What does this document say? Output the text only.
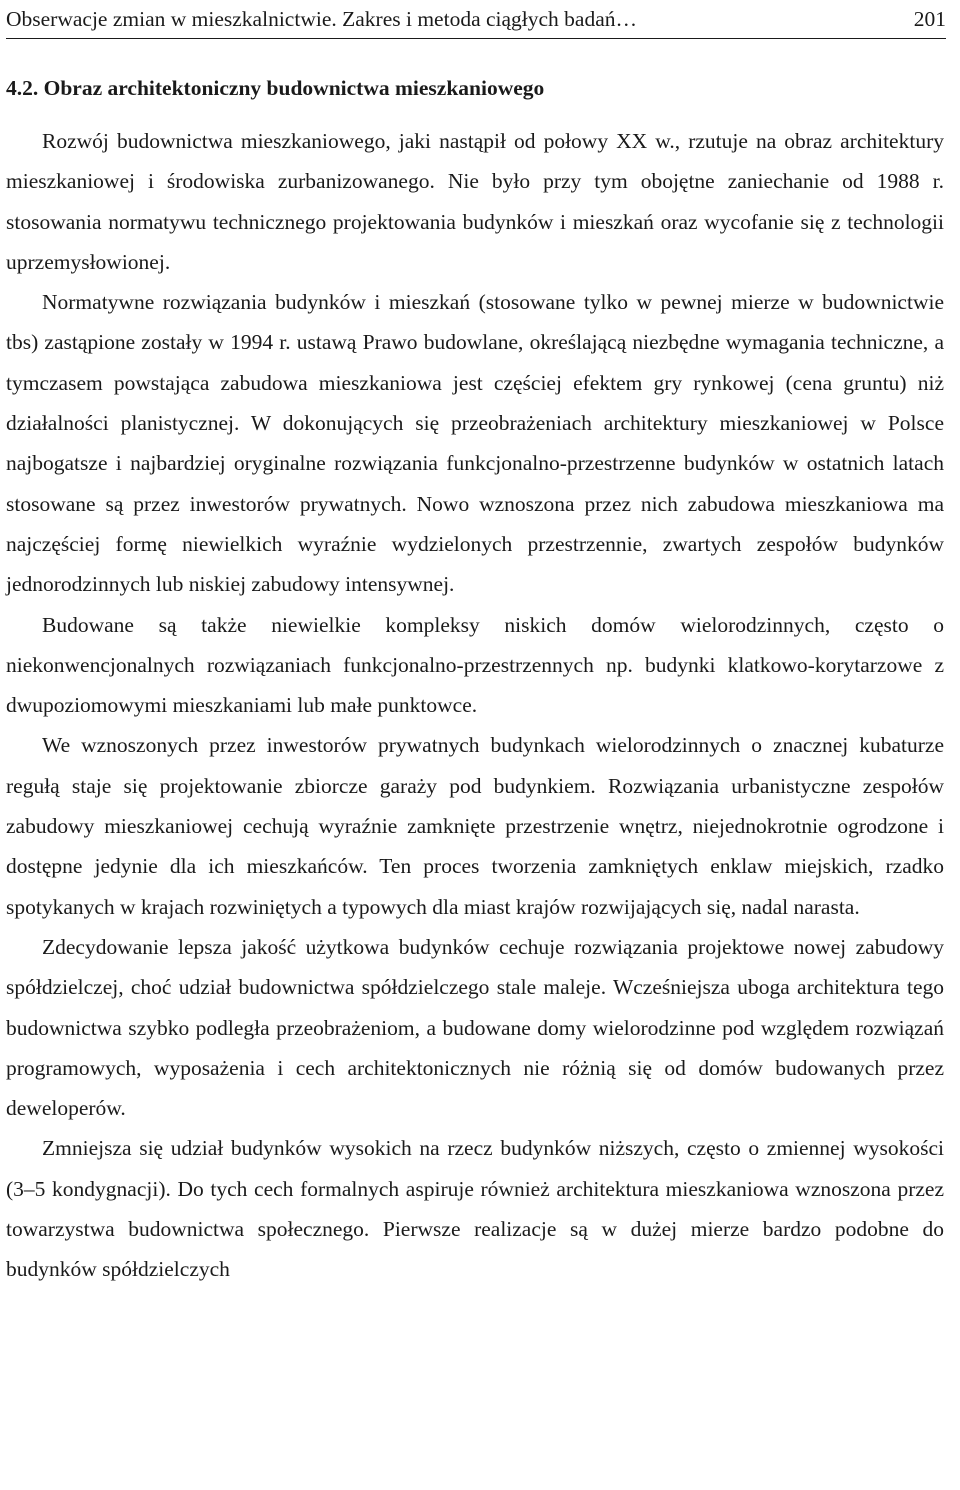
Obserwacje zmian w mieszkalnictwie. Zakres i metoda ciągłych badań…	201
4.2. Obraz architektoniczny budownictwa mieszkaniowego

Rozwój budownictwa mieszkaniowego, jaki nastąpił od połowy XX w., rzutuje na obraz architektury mieszkaniowej i środowiska zurbanizowanego. Nie było przy tym obojętne zaniechanie od 1988 r. stosowania normatywu technicznego projektowania budynków i mieszkań oraz wycofanie się z technologii uprzemysłowionej.

Normatywne rozwiązania budynków i mieszkań (stosowane tylko w pewnej mierze w budownictwie tbs) zastąpione zostały w 1994 r. ustawą Prawo budowlane, określającą niezbędne wymagania techniczne, a tymczasem powstająca zabudowa mieszkaniowa jest częściej efektem gry rynkowej (cena gruntu) niż działalności planistycznej. W dokonujących się przeobrażeniach architektury mieszkaniowej w Polsce najbogatsze i najbardziej oryginalne rozwiązania funkcjonalno-przestrzenne budynków w ostatnich latach stosowane są przez inwestorów prywatnych. Nowo wznoszona przez nich zabudowa mieszkaniowa ma najczęściej formę niewielkich wyraźnie wydzielonych przestrzennie, zwartych zespołów budynków jednorodzinnych lub niskiej zabudowy intensywnej.

Budowane są także niewielkie kompleksy niskich domów wielorodzinnych, często o niekonwencjonalnych rozwiązaniach funkcjonalno-przestrzennych np. budynki klatkowo-korytarzowe z dwupoziomowymi mieszkaniami lub małe punktowce.

We wznoszonych przez inwestorów prywatnych budynkach wielorodzinnych o znacznej kubaturze regułą staje się projektowanie zbiorcze garaży pod budynkiem. Rozwiązania urbanistyczne zespołów zabudowy mieszkaniowej cechują wyraźnie zamknięte przestrzenie wnętrz, niejednokrotnie ogrodzone i dostępne jedynie dla ich mieszkańców. Ten proces tworzenia zamkniętych enklaw miejskich, rzadko spotykanych w krajach rozwiniętych a typowych dla miast krajów rozwijających się, nadal narasta.

Zdecydowanie lepsza jakość użytkowa budynków cechuje rozwiązania projektowe nowej zabudowy spółdzielczej, choć udział budownictwa spółdzielczego stale maleje. Wcześniejsza uboga architektura tego budownictwa szybko podległa przeobrażeniom, a budowane domy wielorodzinne pod względem rozwiązań programowych, wyposażenia i cech architektonicznych nie różnią się od domów budowanych przez deweloperów.

Zmniejsza się udział budynków wysokich na rzecz budynków niższych, często o zmiennej wysokości (3–5 kondygnacji). Do tych cech formalnych aspiruje również architektura mieszkaniowa wznoszona przez towarzystwa budownictwa społecznego. Pierwsze realizacje są w dużej mierze bardzo podobne do budynków spółdzielczych
